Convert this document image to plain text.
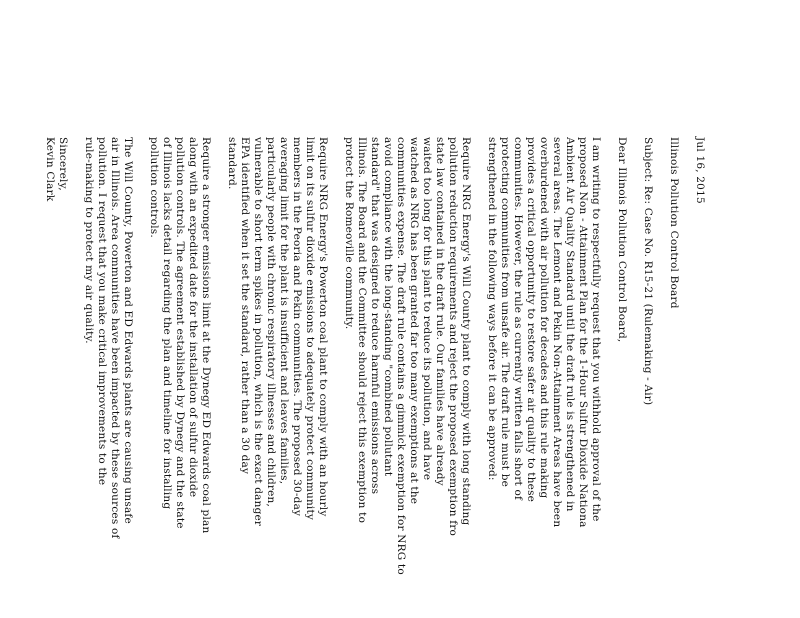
Jul 16, 2015

Illinois Pollution Control Board

Subject: Re: Case No. R15-21 (Rulemaking - Air)

Dear Illinois Pollution Control Board,

I am writing to respectfully request that you withhold approval of the
proposed Non - Attainment Plan for the 1-Hour Sulfur Dioxide Nationa
Ambient Air Quality Standard until the draft rule is strengthened in
several areas. The Lemont and Pekin Non-Attainment Areas have been
overburdened with air pollution for decades and this rule making
provides a critical opportunity to restore safer air quality to these
communities. However, the rule as currently written falls short of
protecting communities from unsafe air. The draft rule must be
strengthened in the following ways before it can be approved:

Require NRG Energy's Will County plant to comply with long standing
pollution reduction requirements and reject the proposed exemption fro
state law contained in the draft rule. Our families have already
waited too long for this plant to reduce its pollution, and have
watched as NRG has been granted far too many exemptions at the
communities expense. The draft rule contains a gimmick exemption for NRG to
avoid compliance with the long-standing "combined pollutant
standard" that was designed to reduce harmful emissions across
Illinois. The Board and the Committee should reject this exemption to
protect the Romeoville community.

Require NRG Energy's Powerton coal plant to comply with an hourly
limit on its sulfur dioxide emissions to adequately protect community
members in the Peoria and Pekin communities. The proposed 30-day
averaging limit for the plant is insufficient and leaves families,
particularly people with chronic respiratory illnesses and children,
vulnerable to short term spikes in pollution, which is the exact danger
EPA identified when it set the standard, rather than a 30 day
standard.

Require a stronger emissions limit at the Dynegy ED Edwards coal plan
along with an expedited date for the installation of sulfur dioxide
pollution controls. The agreement established by Dynegy and the state
of Illinois lacks detail regarding the plan and timeline for installing
pollution controls.

The Will County, Powerton and ED Edwards plants are causing unsafe
air in Illinois. Area communities have been impacted by these sources of
pollution. I request that you make critical improvements to the
rule-making to protect my air quality.

Sincerely,

Kevin Clark
